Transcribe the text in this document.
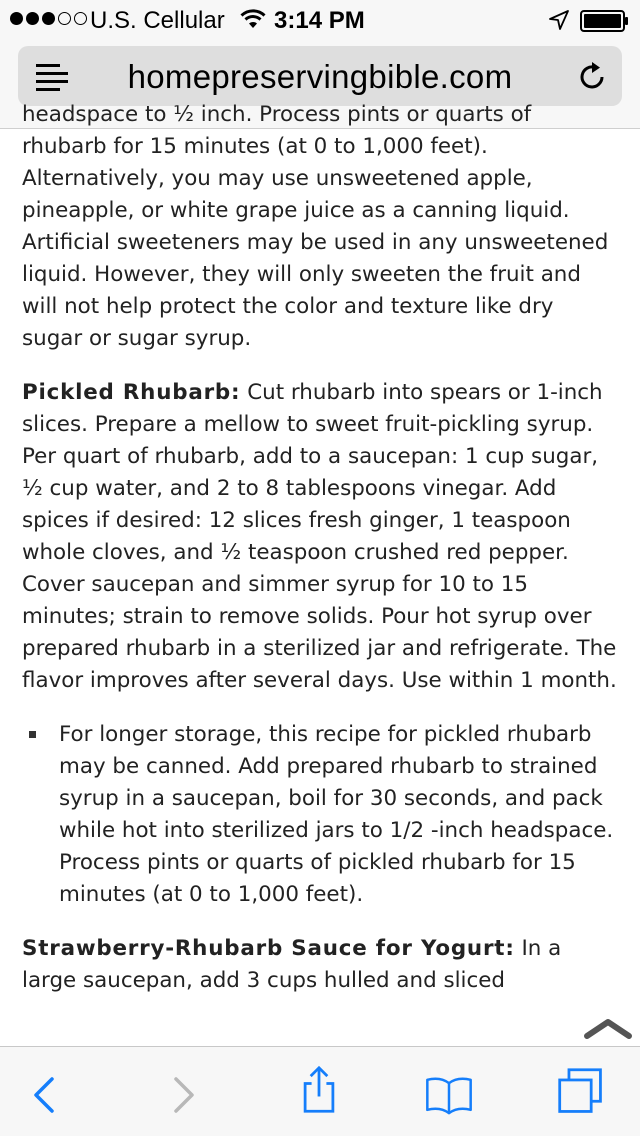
U.S. Cellular 3:14 PM
homepreservingbible.com

headspace to ½ inch. Process pints or quarts of

rhubarb for 15 minutes (at 0 to 1,000 feet). Alternatively, you may use unsweetened apple, pineapple, or white grape juice as a canning liquid. Artificial sweeteners may be used in any unsweetened liquid. However, they will only sweeten the fruit and will not help protect the color and texture like dry sugar or sugar syrup.

Pickled Rhubarb: Cut rhubarb into spears or 1-inch slices. Prepare a mellow to sweet fruit-pickling syrup. Per quart of rhubarb, add to a saucepan: 1 cup sugar, ½ cup water, and 2 to 8 tablespoons vinegar. Add spices if desired: 12 slices fresh ginger, 1 teaspoon whole cloves, and ½ teaspoon crushed red pepper. Cover saucepan and simmer syrup for 10 to 15 minutes; strain to remove solids. Pour hot syrup over prepared rhubarb in a sterilized jar and refrigerate. The flavor improves after several days. Use within 1 month.

For longer storage, this recipe for pickled rhubarb may be canned. Add prepared rhubarb to strained syrup in a saucepan, boil for 30 seconds, and pack while hot into sterilized jars to 1/2 -inch headspace. Process pints or quarts of pickled rhubarb for 15 minutes (at 0 to 1,000 feet).

Strawberry-Rhubarb Sauce for Yogurt: In a large saucepan, add 3 cups hulled and sliced
